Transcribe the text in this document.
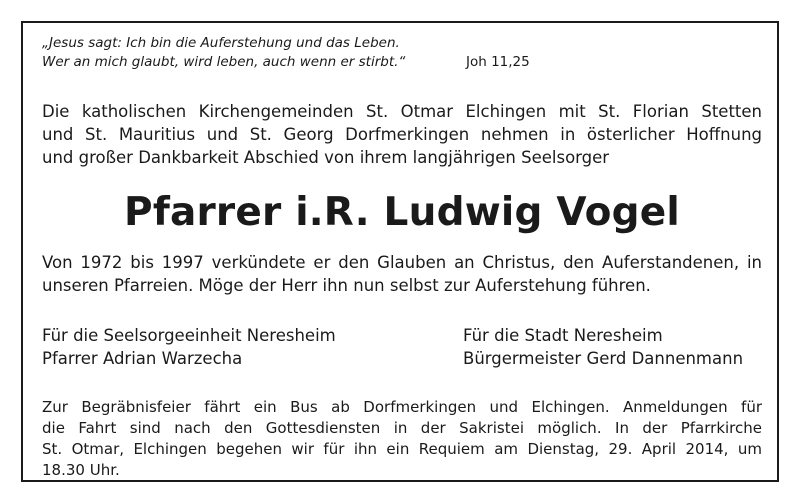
„Jesus sagt: Ich bin die Auferstehung und das Leben.
Wer an mich glaubt, wird leben, auch wenn er stirbt.“	Joh 11,25
Die katholischen Kirchengemeinden St. Otmar Elchingen mit St. Florian Stetten
und St. Mauritius und St. Georg Dorfmerkingen nehmen in österlicher Hoffnung
und großer Dankbarkeit Abschied von ihrem langjährigen Seelsorger
Pfarrer i.R. Ludwig Vogel
Von 1972 bis 1997 verkündete er den Glauben an Christus, den Auferstandenen, in
unseren Pfarreien. Möge der Herr ihn nun selbst zur Auferstehung führen.
Für die Seelsorgeeinheit Neresheim
Pfarrer Adrian Warzecha
Für die Stadt Neresheim
Bürgermeister Gerd Dannenmann
Zur Begräbnisfeier fährt ein Bus ab Dorfmerkingen und Elchingen. Anmeldungen für
die Fahrt sind nach den Gottesdiensten in der Sakristei möglich. In der Pfarrkirche
St. Otmar, Elchingen begehen wir für ihn ein Requiem am Dienstag, 29. April 2014, um
18.30 Uhr.
